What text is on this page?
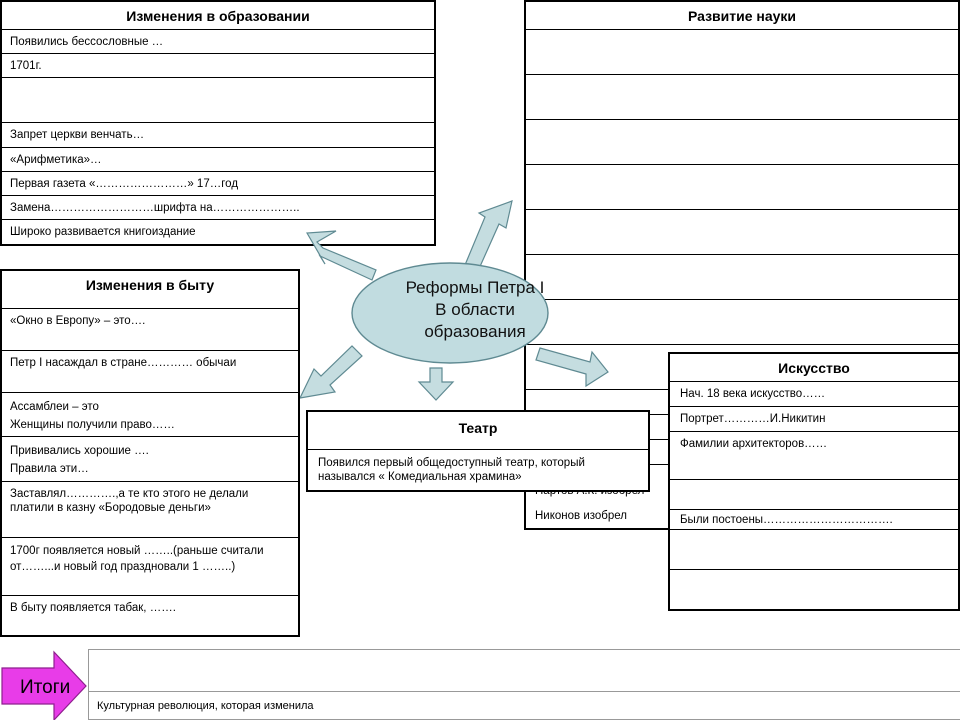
Изменения в образовании
Появились бессословные …
1701г.
Запрет церкви венчать…
«Арифметика»…
Первая газета «……………………» 17…год
Замена………………………шрифта на…………………..
Широко развивается книгоиздание
Развитие науки
Никонов изобрел
Реформы Петра I
В области
образования
Изменения в быту
«Окно в Европу» – это….
Петр I насаждал в стране………… обычаи
Ассамблеи – это
Женщины получили право……
Прививались хорошие ….
Правила эти…
Заставлял………….,а те кто этого не делали платили в казну «Бородовые деньги»
1700г появляется новый ……..(раньше считали от……...и новый год праздновали 1 ……..)
В быту появляется табак, …….
Театр
Появился первый общедоступный театр, который назывался « Комедиальная храмина»
Искусство
Нач. 18 века искусство……
Портрет…………И.Никитин
Фамилии архитекторов……
Были постоены…………………………….
Итоги
Культурная революция, которая изменила
